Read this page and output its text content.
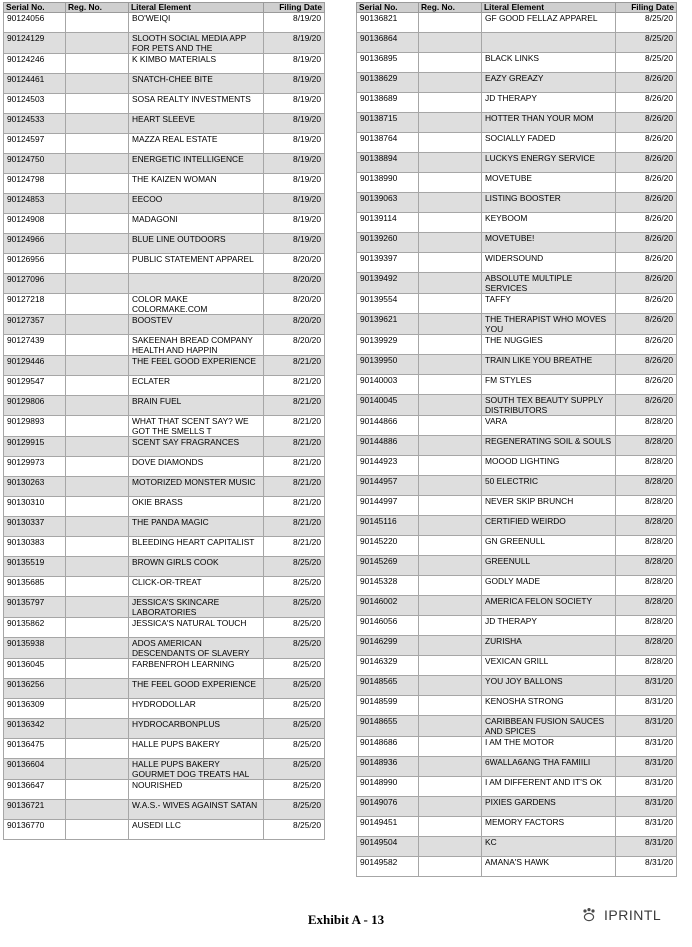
Serial No.	Reg. No.	Literal Element	Filing Date
90124056		BO'WEIQI	8/19/20
90124129		SLOOTH SOCIAL MEDIA APP FOR PETS AND THE	8/19/20
90124246		K KIMBO MATERIALS	8/19/20
90124461		SNATCH-CHEE BITE	8/19/20
90124503		SOSA REALTY INVESTMENTS	8/19/20
90124533		HEART SLEEVE	8/19/20
90124597		MAZZA REAL ESTATE	8/19/20
90124750		ENERGETIC INTELLIGENCE	8/19/20
90124798		THE KAIZEN WOMAN	8/19/20
90124853		EECOO	8/19/20
90124908		MADAGONI	8/19/20
90124966		BLUE LINE OUTDOORS	8/19/20
90126956		PUBLIC STATEMENT APPAREL	8/20/20
90127096			8/20/20
90127218		COLOR MAKE COLORMAKE.COM	8/20/20
90127357		BOOSTEV	8/20/20
90127439		SAKEENAH BREAD COMPANY HEALTH AND HAPPIN	8/20/20
90129446		THE FEEL GOOD EXPERIENCE	8/21/20
90129547		ECLATER	8/21/20
90129806		BRAIN FUEL	8/21/20
90129893		WHAT THAT SCENT SAY? WE GOT THE SMELLS T	8/21/20
90129915		SCENT SAY FRAGRANCES	8/21/20
90129973		DOVE DIAMONDS	8/21/20
90130263		MOTORIZED MONSTER MUSIC	8/21/20
90130310		OKIE BRASS	8/21/20
90130337		THE PANDA MAGIC	8/21/20
90130383		BLEEDING HEART CAPITALIST	8/21/20
90135519		BROWN GIRLS COOK	8/25/20
90135685		CLICK-OR-TREAT	8/25/20
90135797		JESSICA'S SKINCARE LABORATORIES	8/25/20
90135862		JESSICA'S NATURAL TOUCH	8/25/20
90135938		ADOS AMERICAN DESCENDANTS OF SLAVERY	8/25/20
90136045		FARBENFROH LEARNING	8/25/20
90136256		THE FEEL GOOD EXPERIENCE	8/25/20
90136309		HYDRODOLLAR	8/25/20
90136342		HYDROCARBONPLUS	8/25/20
90136475		HALLE PUPS BAKERY	8/25/20
90136604		HALLE PUPS BAKERY GOURMET DOG TREATS HAL	8/25/20
90136647		NOURISHED	8/25/20
90136721		W.A.S.- WIVES AGAINST SATAN	8/25/20
90136770		AUSEDI LLC	8/25/20
Serial No.	Reg. No.	Literal Element	Filing Date
90136821		GF GOOD FELLAZ APPAREL	8/25/20
90136864			8/25/20
90136895		BLACK LINKS	8/25/20
90138629		EAZY GREAZY	8/26/20
90138689		JD THERAPY	8/26/20
90138715		HOTTER THAN YOUR MOM	8/26/20
90138764		SOCIALLY FADED	8/26/20
90138894		LUCKYS ENERGY SERVICE	8/26/20
90138990		MOVETUBE	8/26/20
90139063		LISTING BOOSTER	8/26/20
90139114		KEYBOOM	8/26/20
90139260		MOVETUBE!	8/26/20
90139397		WIDERSOUND	8/26/20
90139492		ABSOLUTE MULTIPLE SERVICES	8/26/20
90139554		TAFFY	8/26/20
90139621		THE THERAPIST WHO MOVES YOU	8/26/20
90139929		THE NUGGIES	8/26/20
90139950		TRAIN LIKE YOU BREATHE	8/26/20
90140003		FM STYLES	8/26/20
90140045		SOUTH TEX BEAUTY SUPPLY DISTRIBUTORS	8/26/20
90144866		VARA	8/28/20
90144886		REGENERATING SOIL & SOULS	8/28/20
90144923		MOOOD LIGHTING	8/28/20
90144957		50 ELECTRIC	8/28/20
90144997		NEVER SKIP BRUNCH	8/28/20
90145116		CERTIFIED WEIRDO	8/28/20
90145220		GN GREENULL	8/28/20
90145269		GREENULL	8/28/20
90145328		GODLY MADE	8/28/20
90146002		AMERICA FELON SOCIETY	8/28/20
90146056		JD THERAPY	8/28/20
90146299		ZURISHA	8/28/20
90146329		VEXICAN GRILL	8/28/20
90148565		YOU JOY BALLONS	8/31/20
90148599		KENOSHA STRONG	8/31/20
90148655		CARIBBEAN FUSION SAUCES AND SPICES	8/31/20
90148686		I AM THE MOTOR	8/31/20
90148936		6WALLA6ANG THA FAMIILI	8/31/20
90148990		I AM DIFFERENT AND IT'S OK	8/31/20
90149076		PIXIES GARDENS	8/31/20
90149451		MEMORY FACTORS	8/31/20
90149504		KC	8/31/20
90149582		AMANA'S HAWK	8/31/20
Exhibit A - 13	IPRINTL
